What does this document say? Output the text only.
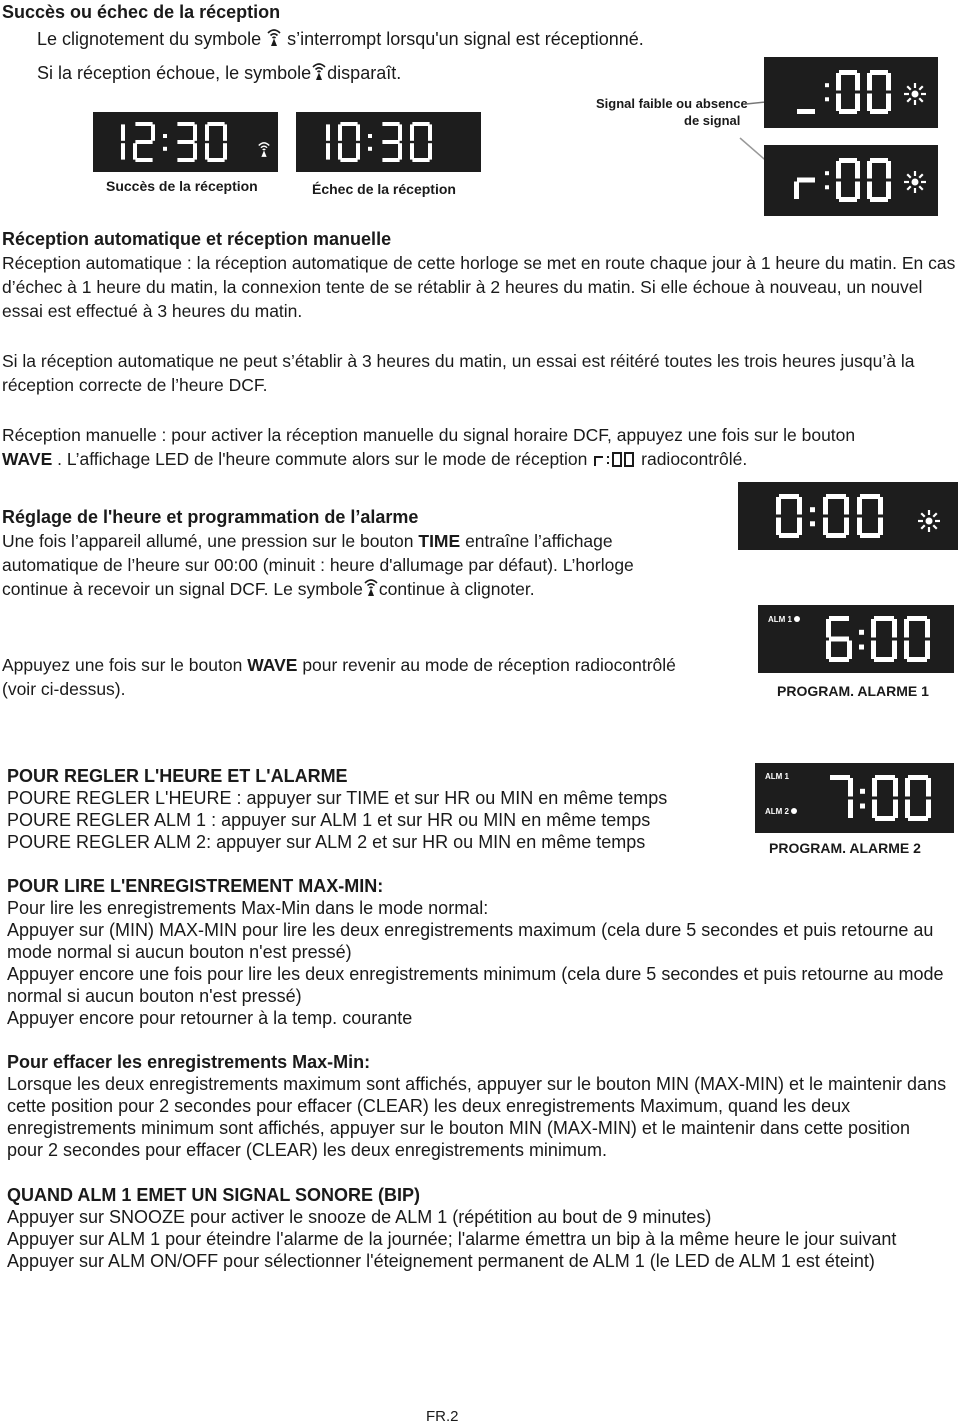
Succès ou échec de la réception
Le clignotement du symbole s’interrompt lorsqu'un signal est réceptionné.
Si la réception échoue, le symbole disparaît.
Succès de la réception	Échec de la réception
Signal faible ou absence
de signal
Réception automatique et réception manuelle
Réception automatique : la réception automatique de cette horloge se met en route chaque jour à 1 heure du matin. En cas d’échec à 1 heure du matin, la connexion tente de se rétablir à 2 heures du matin. Si elle échoue à nouveau, un nouvel essai est effectué à 3 heures du matin.
Si la réception automatique ne peut s’établir à 3 heures du matin, un essai est réitéré toutes les trois heures jusqu’à la réception correcte de l’heure DCF.
Réception manuelle : pour activer la réception manuelle du signal horaire DCF, appuyez une fois sur le bouton
WAVE . L’affichage LED de l'heure commute alors sur le mode de réception	radiocontrôlé.
Réglage de l'heure et programmation de l’alarme
Une fois l’appareil allumé, une pression sur le bouton TIME entraîne l’affichage automatique de l’heure sur 00:00 (minuit : heure d'allumage par défaut). L’horloge continue à recevoir un signal DCF. Le symbole continue à clignoter.
Appuyez une fois sur le bouton WAVE pour revenir au mode de réception radiocontrôlé (voir ci-dessus).
ALM 1
PROGRAM. ALARME 1
POUR REGLER L'HEURE ET L'ALARME
POURE REGLER L'HEURE : appuyer sur TIME et sur HR ou MIN en même temps
POURE REGLER ALM 1 : appuyer sur ALM 1 et sur HR ou MIN en même temps
POURE REGLER ALM 2: appuyer sur ALM 2 et sur HR ou MIN en même temps
ALM 1
ALM 2
PROGRAM. ALARME 2
POUR LIRE L'ENREGISTREMENT MAX-MIN:
Pour lire les enregistrements Max-Min dans le mode normal:
Appuyer sur (MIN) MAX-MIN pour lire les deux enregistrements maximum (cela dure 5 secondes et puis retourne au mode normal si aucun bouton n'est pressé)
Appuyer encore une fois pour lire les deux enregistrements minimum (cela dure 5 secondes et puis retourne au mode normal si aucun bouton n'est pressé)
Appuyer encore pour retourner à la temp. courante
Pour effacer les enregistrements Max-Min:
Lorsque les deux enregistrements maximum sont affichés, appuyer sur le bouton MIN (MAX-MIN) et le maintenir dans cette position pour 2 secondes pour effacer (CLEAR) les deux enregistrements Maximum, quand les deux enregistrements minimum sont affichés, appuyer sur le bouton MIN (MAX-MIN) et le maintenir dans cette position pour 2 secondes pour effacer (CLEAR) les deux enregistrements minimum.
QUAND ALM 1 EMET UN SIGNAL SONORE (BIP)
Appuyer sur SNOOZE pour activer le snooze de ALM 1 (répétition au bout de 9 minutes)
Appuyer sur ALM 1 pour éteindre l'alarme de la journée; l'alarme émettra un bip à la même heure le jour suivant
Appuyer sur ALM ON/OFF pour sélectionner l'éteignement permanent de ALM 1 (le LED de ALM 1 est éteint)
FR.2
